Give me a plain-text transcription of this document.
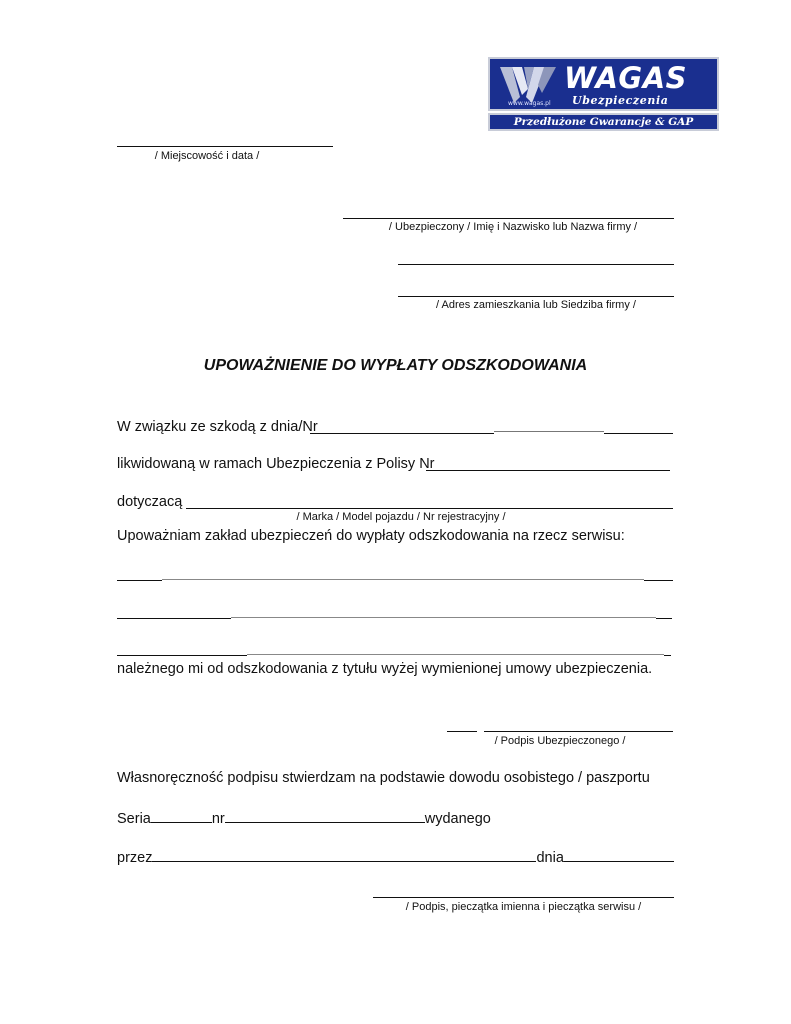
WAGAS
Ubezpieczenia
www.wagas.pl
Przedłużone Gwarancje & GAP
/ Miejscowość i data /
/ Ubezpieczony / Imię i Nazwisko lub Nazwa firmy /
/ Adres zamieszkania lub Siedziba firmy /
UPOWAŻNIENIE DO WYPŁATY ODSZKODOWANIA
W związku ze szkodą z dnia/Nr
likwidowaną w ramach Ubezpieczenia z Polisy Nr
dotyczacą
/ Marka / Model pojazdu / Nr rejestracyjny /
Upoważniam zakład ubezpieczeń do wypłaty odszkodowania na rzecz serwisu:
należnego mi od odszkodowania z tytułu wyżej wymienionej umowy ubezpieczenia.
/ Podpis Ubezpieczonego /
Własnoręczność podpisu stwierdzam na podstawie dowodu osobistego / paszportu
Seria	nr	wydanego
przez	dnia
/ Podpis, pieczątka imienna i pieczątka serwisu /
